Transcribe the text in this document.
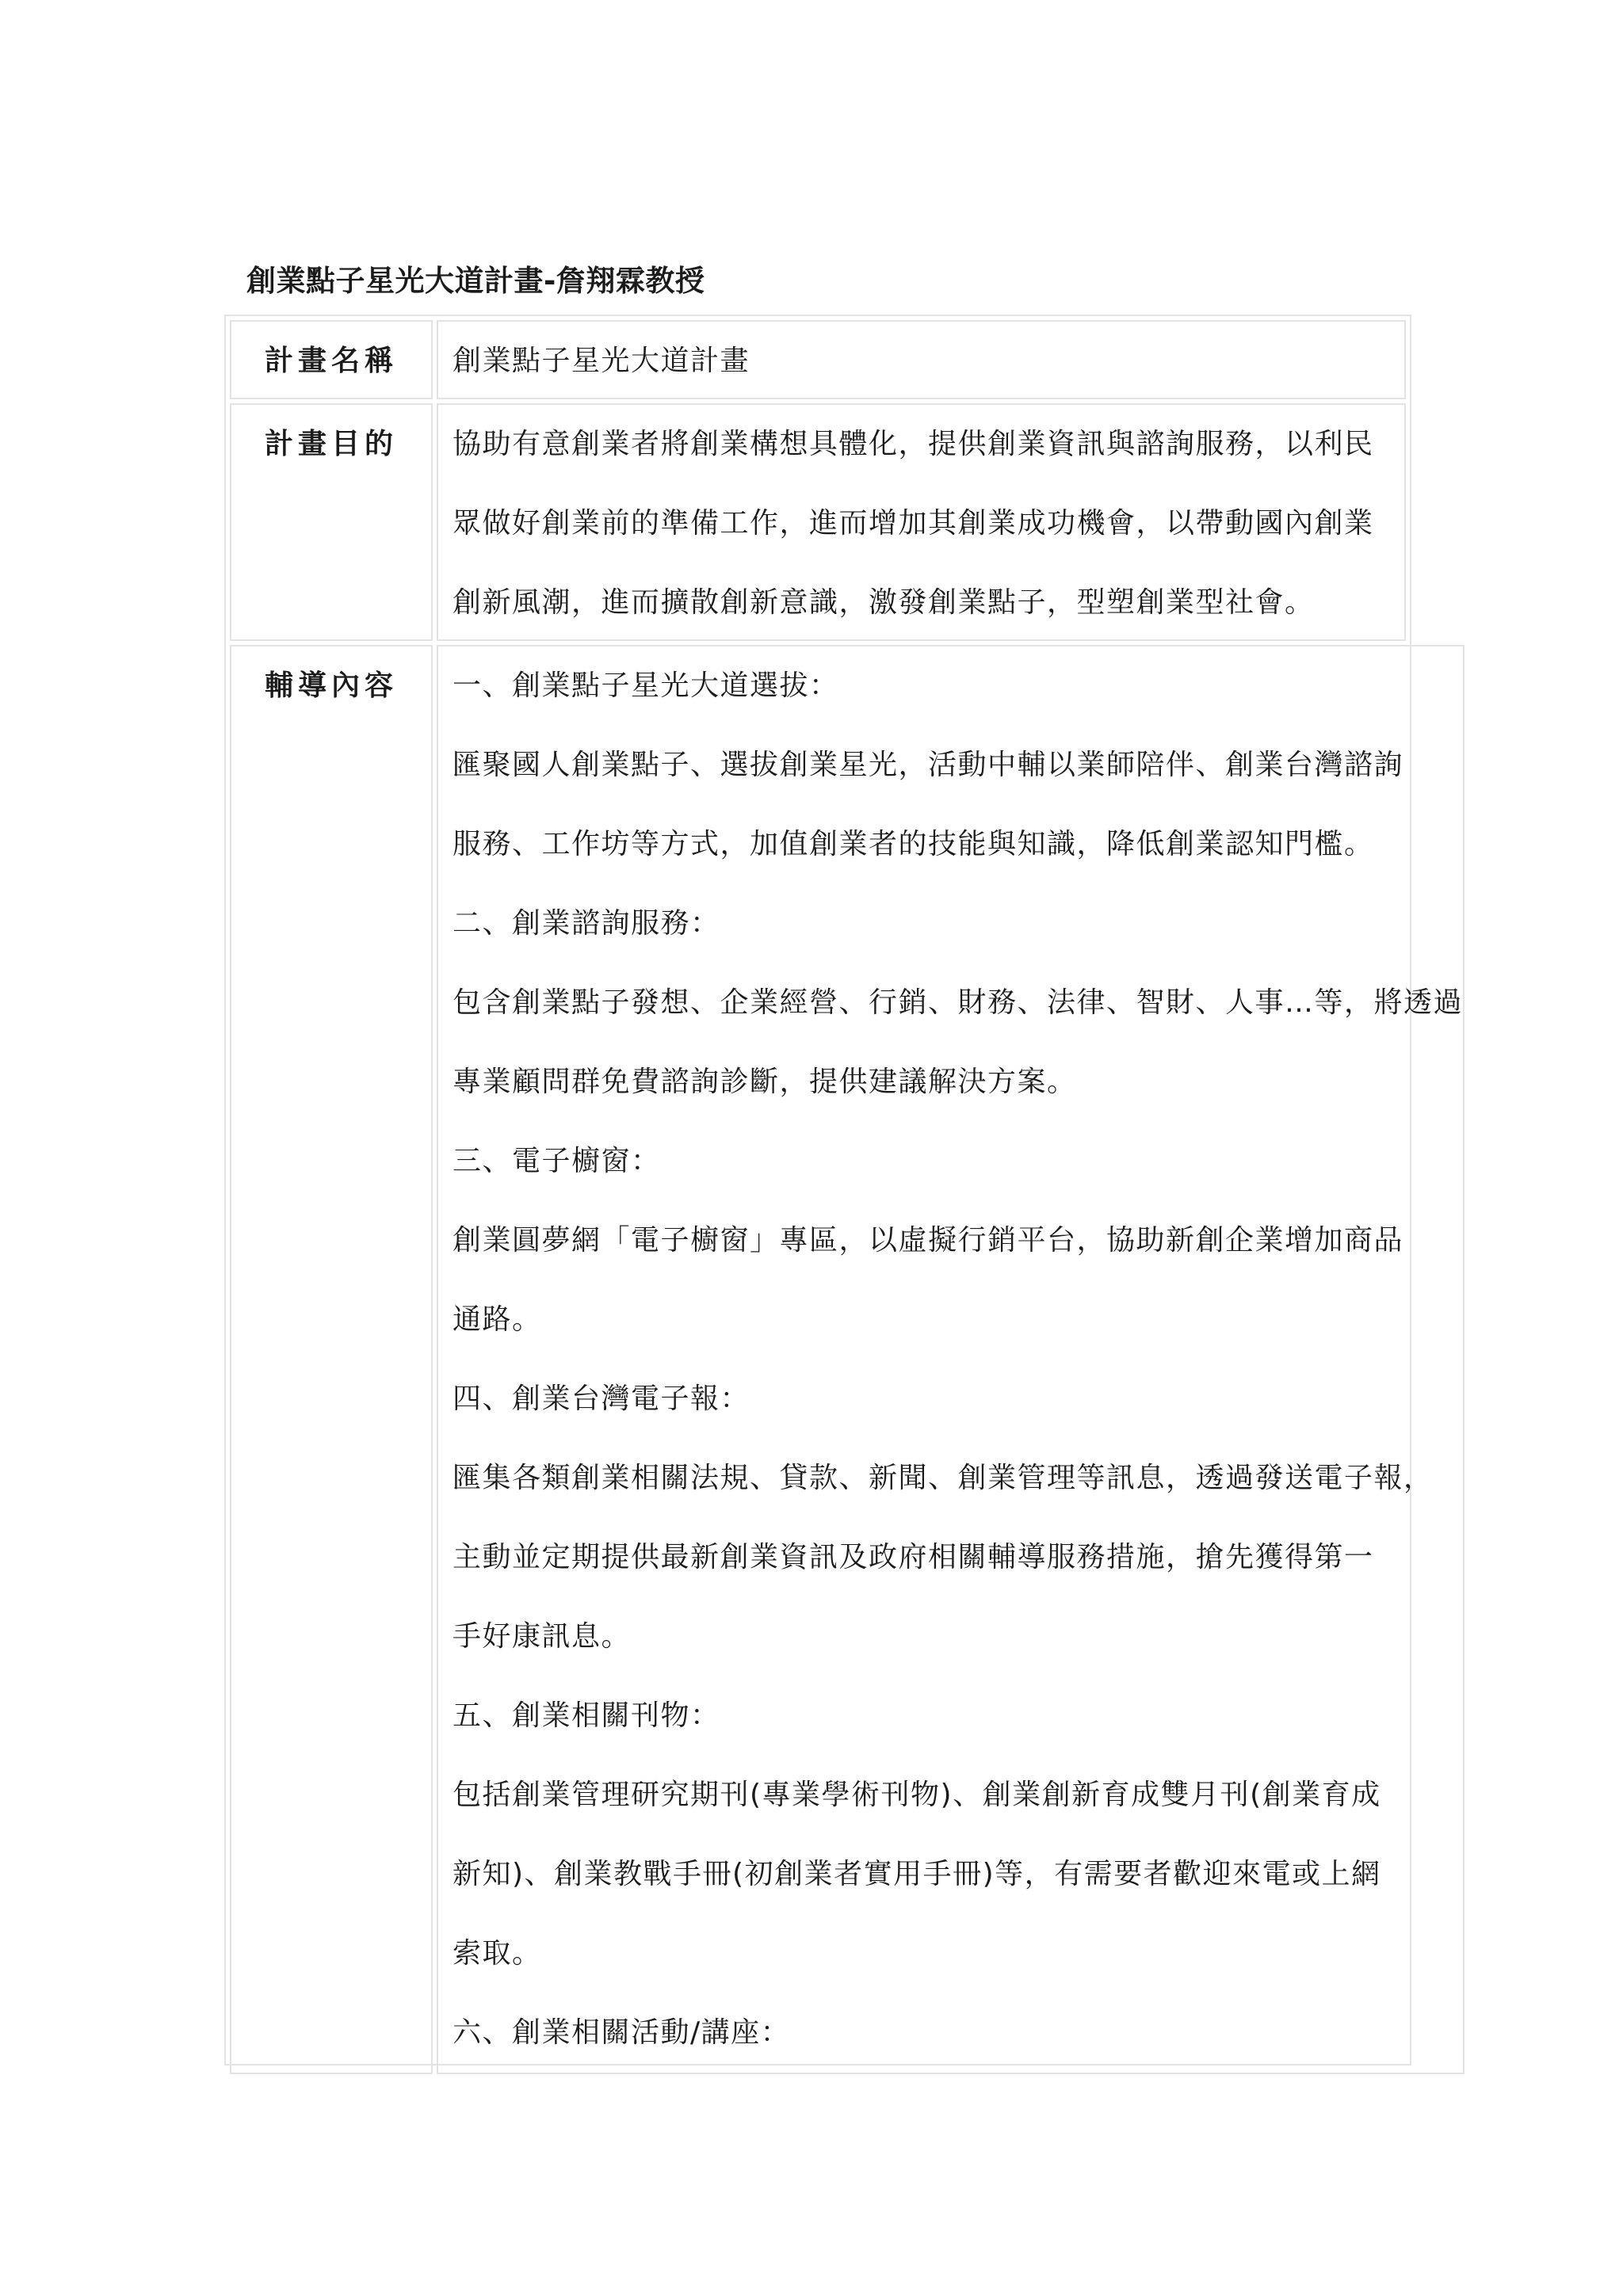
創業點子星光大道計畫-詹翔霖教授
計畫名稱	創業點子星光大道計畫
計畫目的	協助有意創業者將創業構想具體化，提供創業資訊與諮詢服務，以利民
眾做好創業前的準備工作，進而增加其創業成功機會，以帶動國內創業
創新風潮，進而擴散創新意識，激發創業點子，型塑創業型社會。
輔導內容	一、創業點子星光大道選拔：
匯聚國人創業點子、選拔創業星光，活動中輔以業師陪伴、創業台灣諮詢
服務、工作坊等方式，加值創業者的技能與知識，降低創業認知門檻。
二、創業諮詢服務：
包含創業點子發想、企業經營、行銷、財務、法律、智財、人事…等，將透過
專業顧問群免費諮詢診斷，提供建議解決方案。
三、電子櫥窗：
創業圓夢網「電子櫥窗」專區，以虛擬行銷平台，協助新創企業增加商品
通路。
四、創業台灣電子報：
匯集各類創業相關法規、貸款、新聞、創業管理等訊息，透過發送電子報，
主動並定期提供最新創業資訊及政府相關輔導服務措施，搶先獲得第一
手好康訊息。
五、創業相關刊物：
包括創業管理研究期刊(專業學術刊物)、創業創新育成雙月刊(創業育成
新知)、創業教戰手冊(初創業者實用手冊)等，有需要者歡迎來電或上網
索取。
六、創業相關活動/講座：
